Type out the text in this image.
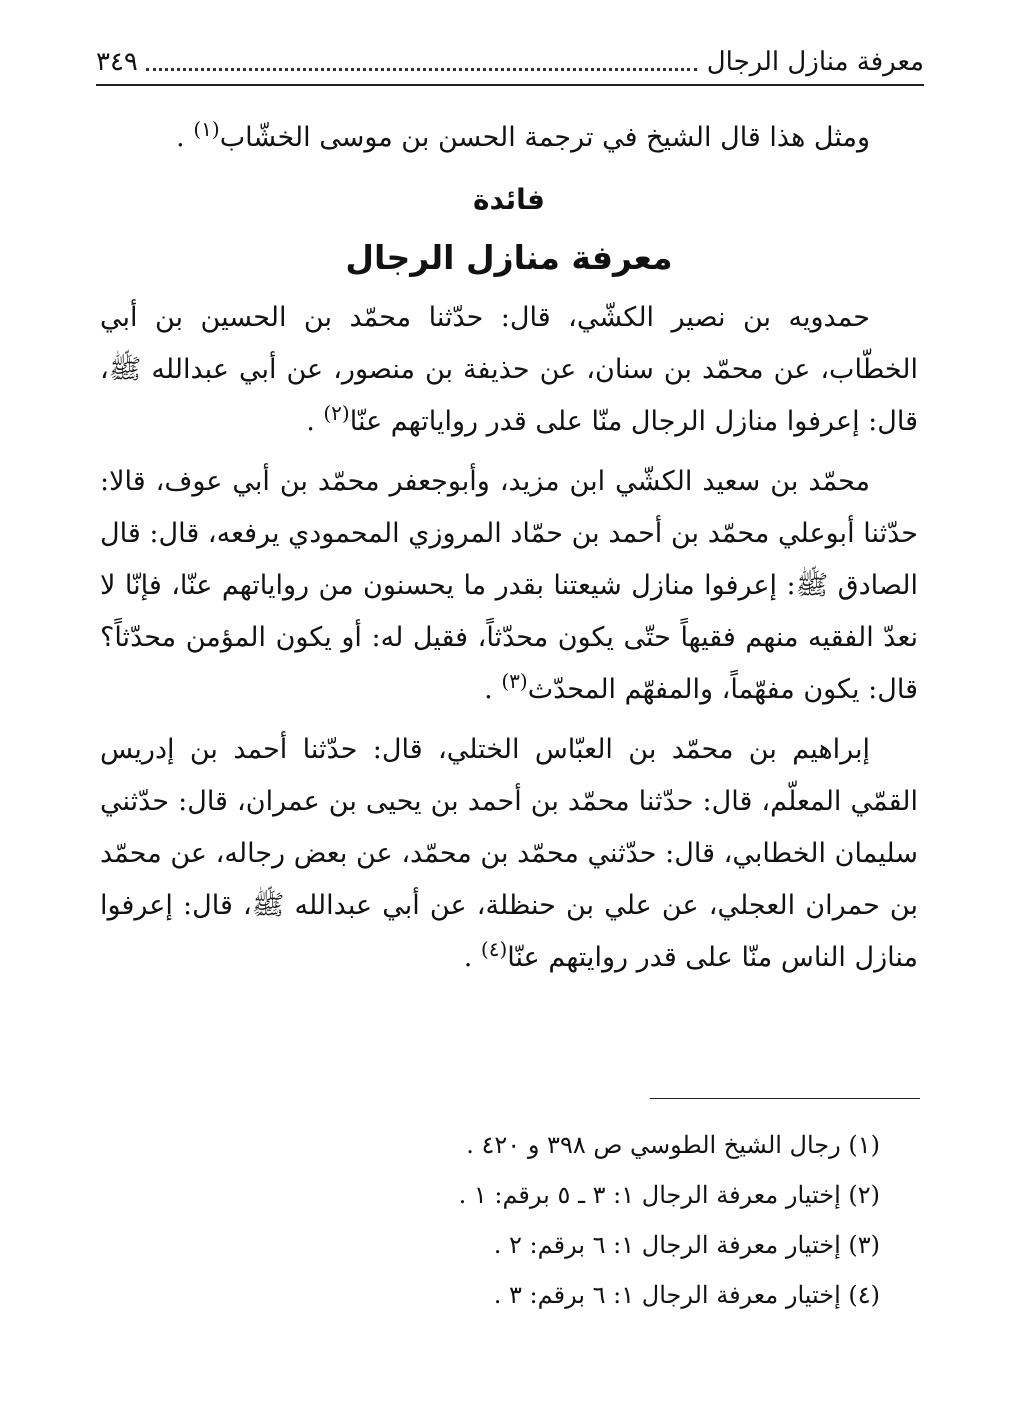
معرفة منازل الرجال
٣٤٩

ومثل هذا قال الشيخ في ترجمة الحسن بن موسى الخشّاب$^{(١)}$ .

فائدة
معرفة منازل الرجال

حمدويه بن نصير الكشّي، قال: حدّثنا محمّد بن الحسين بن أبي الخطّاب، عن محمّد بن سنان، عن حذيفة بن منصور، عن أبي عبدالله ﷺ، قال: إعرفوا منازل الرجال منّا على قدر رواياتهم عنّا$^{(٢)}$ .

محمّد بن سعيد الكشّي ابن مزيد، وأبوجعفر محمّد بن أبي عوف، قالا: حدّثنا أبوعلي محمّد بن أحمد بن حمّاد المروزي المحمودي يرفعه، قال: قال الصادق ﷺ: إعرفوا منازل شيعتنا بقدر ما يحسنون من رواياتهم عنّا، فإنّا لا نعدّ الفقيه منهم فقيهاً حتّى يكون محدّثاً، فقيل له: أو يكون المؤمن محدّثاً؟ قال: يكون مفهّماً، والمفهّم المحدّث$^{(٣)}$ .

إبراهيم بن محمّد بن العبّاس الختلي، قال: حدّثنا أحمد بن إدريس القمّي المعلّم، قال: حدّثنا محمّد بن أحمد بن يحيى بن عمران، قال: حدّثني سليمان الخطابي، قال: حدّثني محمّد بن محمّد، عن بعض رجاله، عن محمّد بن حمران العجلي، عن علي بن حنظلة، عن أبي عبدالله ﷺ، قال: إعرفوا منازل الناس منّا على قدر روايتهم عنّا$^{(٤)}$ .

(١) رجال الشيخ الطوسي ص ٣٩٨ و ٤٢٠ .
(٢) إختيار معرفة الرجال ١: ٣ ـ ٥ برقم: ١ .
(٣) إختيار معرفة الرجال ١: ٦ برقم: ٢ .
(٤) إختيار معرفة الرجال ١: ٦ برقم: ٣ .
